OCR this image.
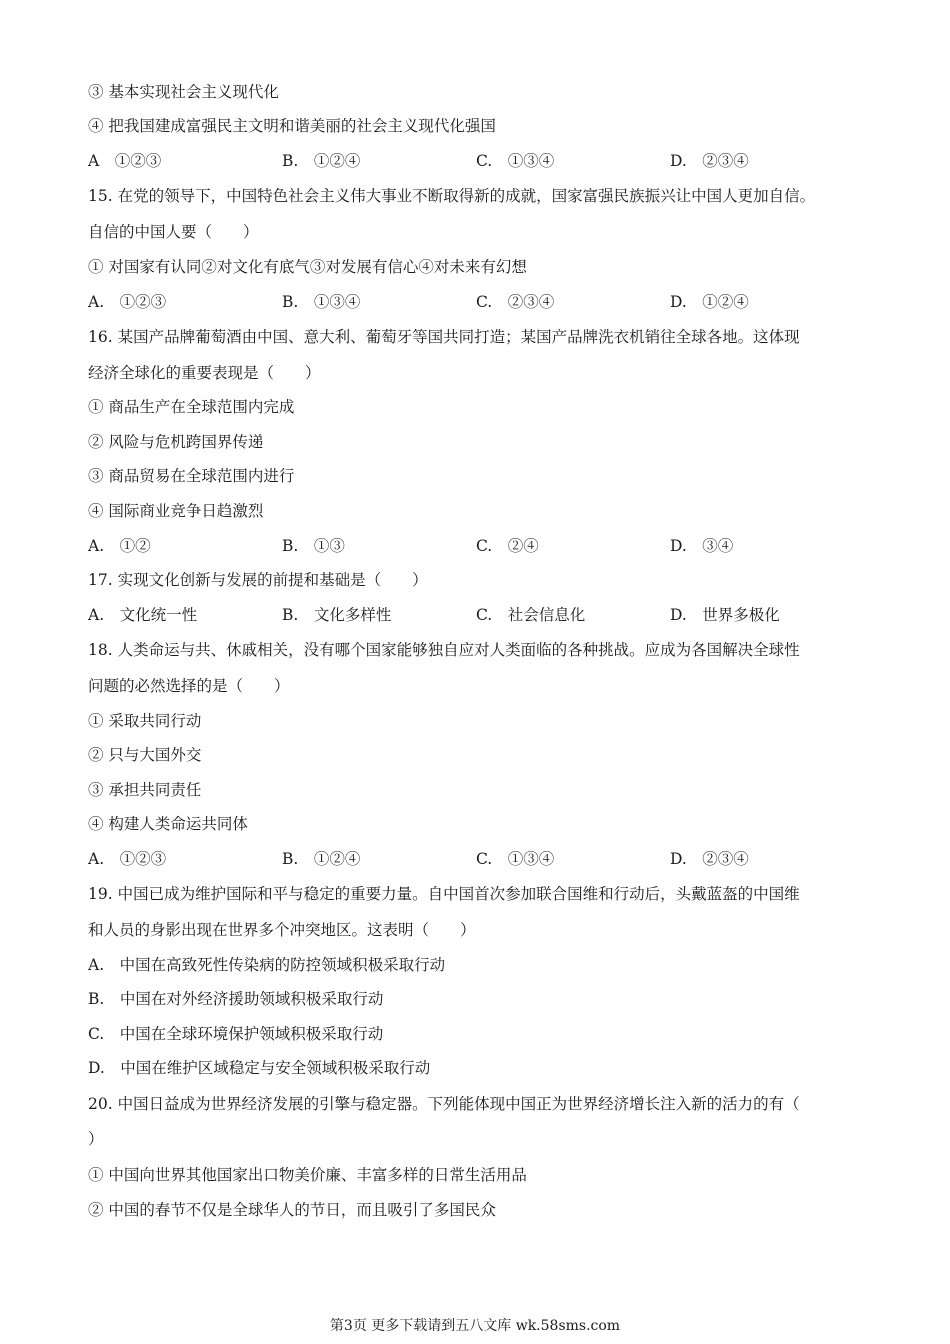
③ 基本实现社会主义现代化
④ 把我国建成富强民主文明和谐美丽的社会主义现代化强国
A　①②③	B.　①②④	C.　①③④	D.　②③④
15. 在党的领导下，中国特色社会主义伟大事业不断取得新的成就，国家富强民族振兴让中国人更加自信。
自信的中国人要（　　）
① 对国家有认同②对文化有底气③对发展有信心④对未来有幻想
A.　①②③	B.　①③④	C.　②③④	D.　①②④
16. 某国产品牌葡萄酒由中国、意大利、葡萄牙等国共同打造；某国产品牌洗衣机销往全球各地。这体现
经济全球化的重要表现是（　　）
① 商品生产在全球范围内完成
② 风险与危机跨国界传递
③ 商品贸易在全球范围内进行
④ 国际商业竞争日趋激烈
A.　①②	B.　①③	C.　②④	D.　③④
17. 实现文化创新与发展的前提和基础是（　　）
A.　文化统一性	B.　文化多样性	C.　社会信息化	D.　世界多极化
18. 人类命运与共、休戚相关，没有哪个国家能够独自应对人类面临的各种挑战。应成为各国解决全球性
问题的必然选择的是（　　）
① 采取共同行动
② 只与大国外交
③ 承担共同责任
④ 构建人类命运共同体
A.　①②③	B.　①②④	C.　①③④	D.　②③④
19. 中国已成为维护国际和平与稳定的重要力量。自中国首次参加联合国维和行动后，头戴蓝盔的中国维
和人员的身影出现在世界多个冲突地区。这表明（　　）
A.　中国在高致死性传染病的防控领域积极采取行动
B.　中国在对外经济援助领域积极采取行动
C.　中国在全球环境保护领域积极采取行动
D.　中国在维护区域稳定与安全领域积极采取行动
20. 中国日益成为世界经济发展的引擎与稳定器。下列能体现中国正为世界经济增长注入新的活力的有（
）
① 中国向世界其他国家出口物美价廉、丰富多样的日常生活用品
② 中国的春节不仅是全球华人的节日，而且吸引了多国民众
第3页 更多下载请到五八文库 wk.58sms.com
